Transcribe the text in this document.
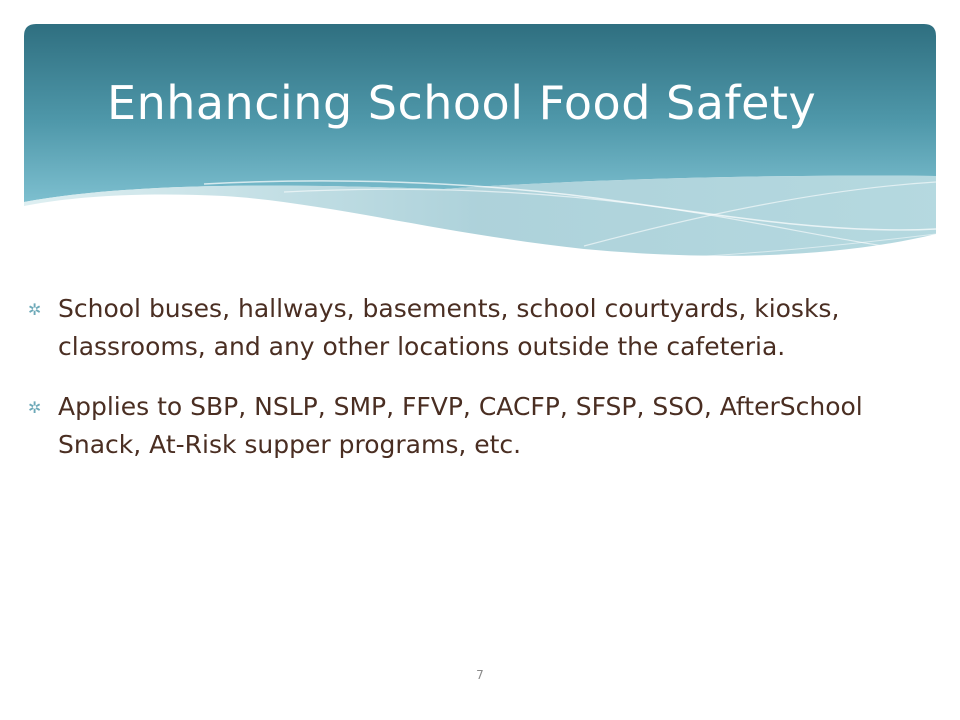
Enhancing School Food Safety
✲ School buses, hallways, basements, school courtyards, kiosks, classrooms, and any other locations outside the cafeteria.
✲ Applies to SBP, NSLP, SMP, FFVP, CACFP, SFSP, SSO, AfterSchool Snack, At-Risk supper programs, etc.
7
